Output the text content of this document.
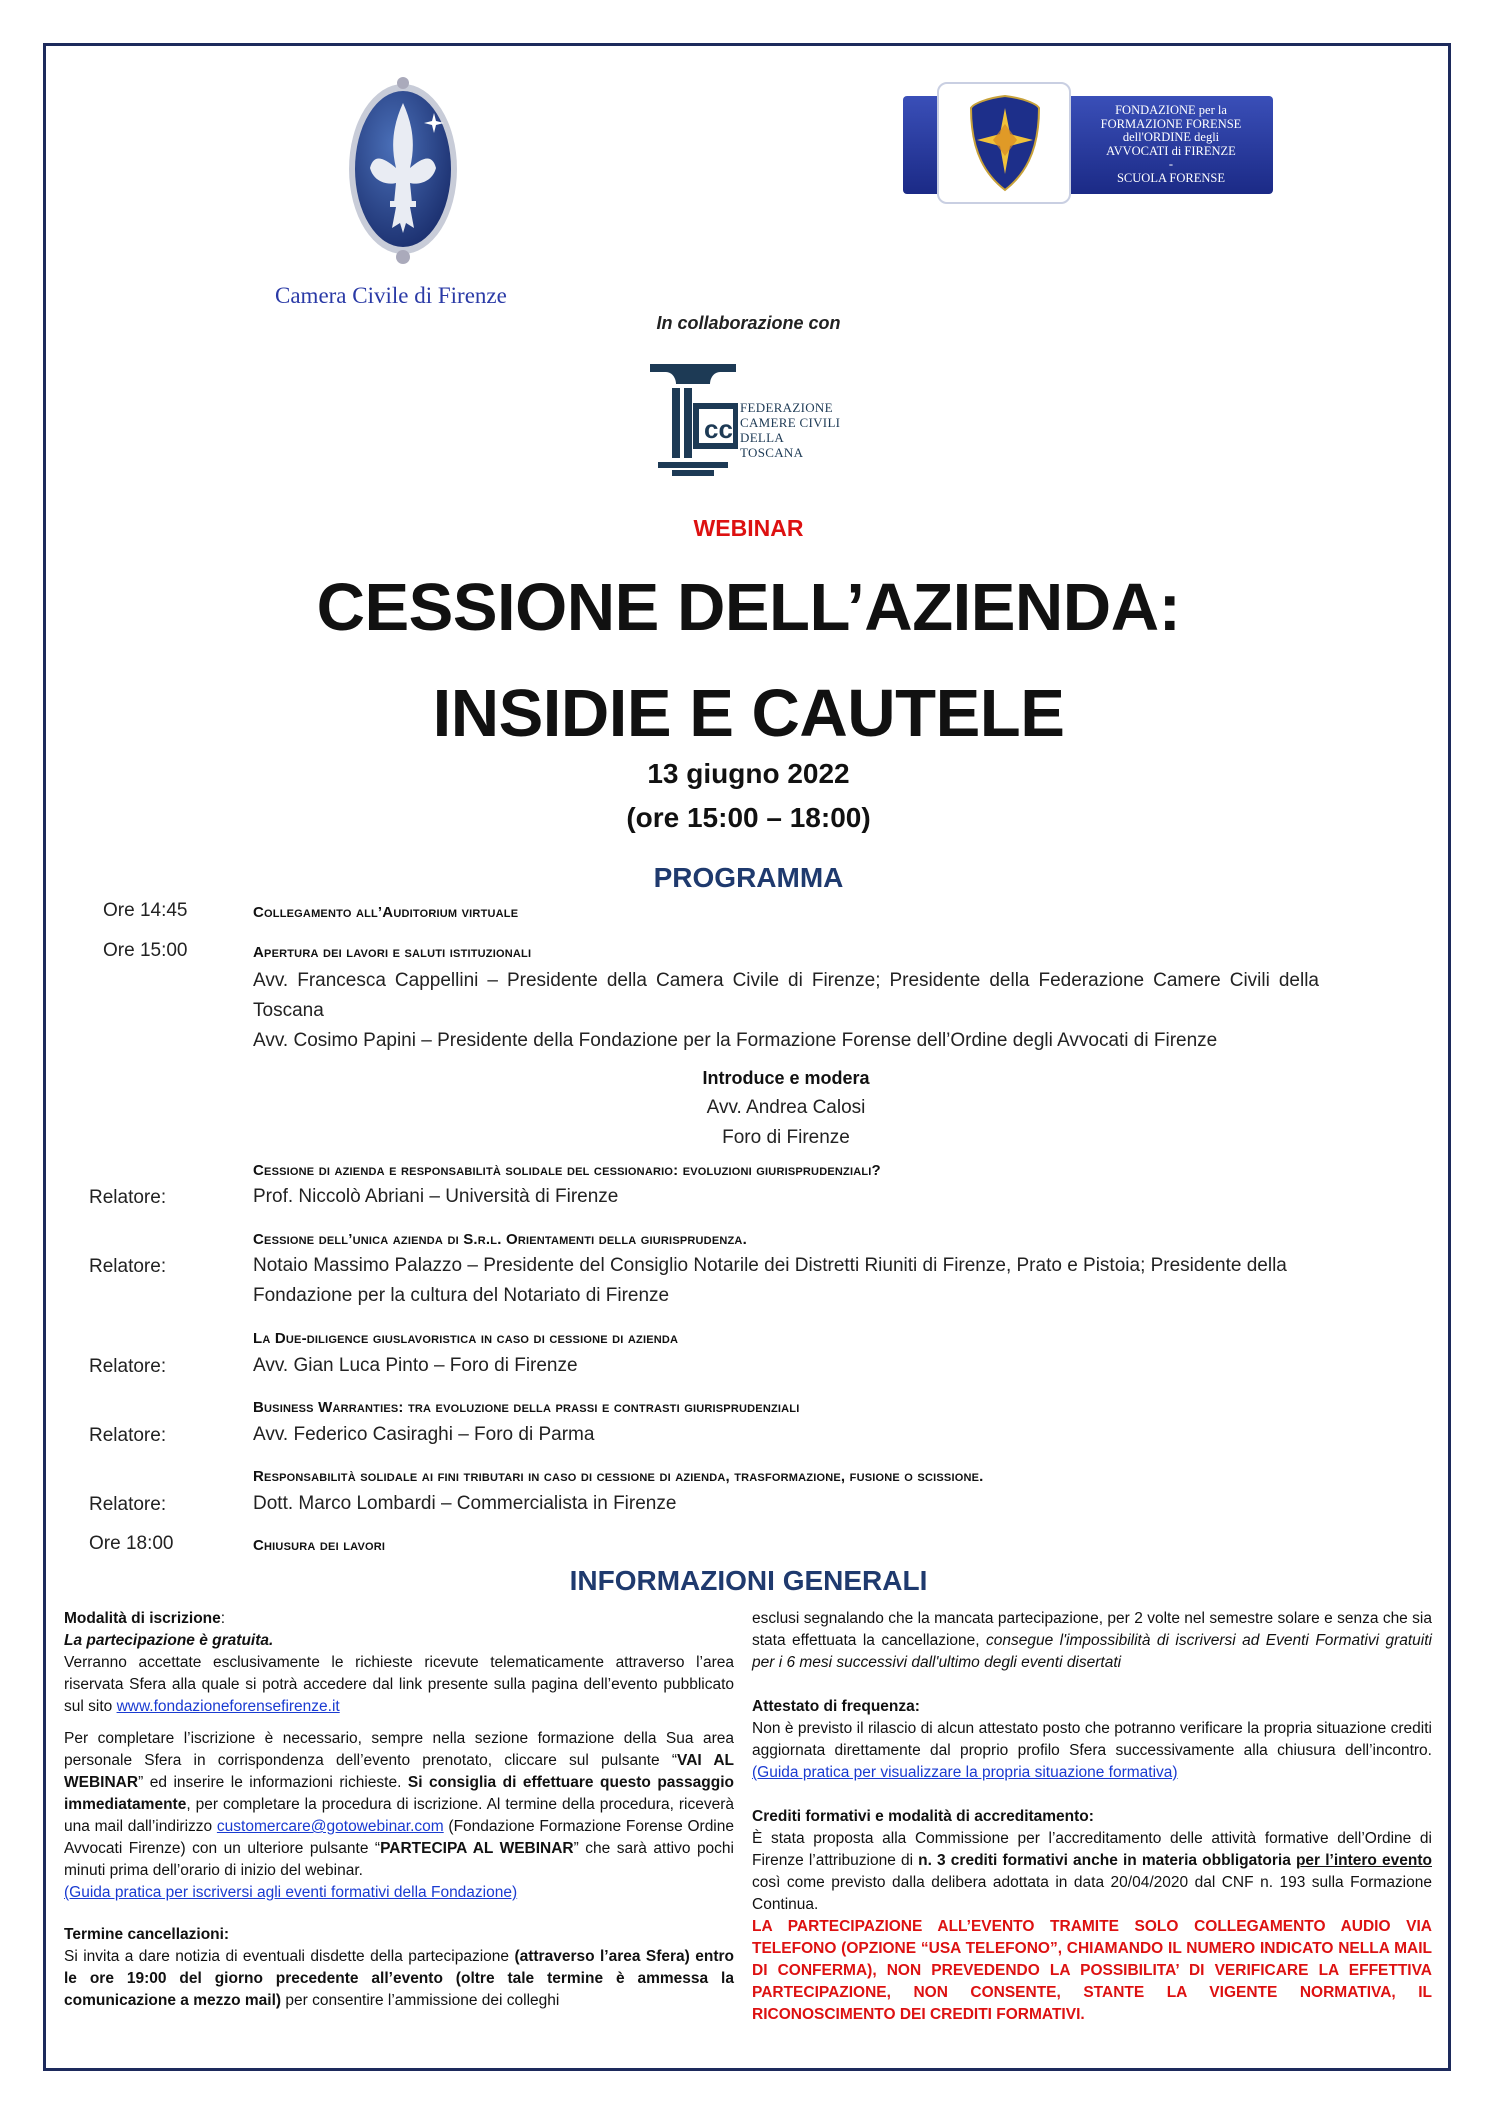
Camera Civile di Firenze
FONDAZIONE per la
FORMAZIONE FORENSE
dell'ORDINE degli
AVVOCATI di FIRENZE
-
SCUOLA FORENSE
In collaborazione con
cc
FEDERAZIONE
CAMERE CIVILI
DELLA TOSCANA
WEBINAR
CESSIONE DELL’AZIENDA:
INSIDIE E CAUTELE
13 giugno 2022
(ore 15:00 – 18:00)
PROGRAMMA
Ore 14:45	Collegamento all’Auditorium virtuale
Ore 15:00	Apertura dei lavori e saluti istituzionali
Avv. Francesca Cappellini – Presidente della Camera Civile di Firenze; Presidente della Federazione Camere Civili della Toscana
Avv. Cosimo Papini – Presidente della Fondazione per la Formazione Forense dell’Ordine degli Avvocati di Firenze
Introduce e modera
Avv. Andrea Calosi
Foro di Firenze
Cessione di azienda e responsabilità solidale del cessionario: evoluzioni giurisprudenziali?
Relatore:	Prof. Niccolò Abriani – Università di Firenze
Cessione dell’unica azienda di S.r.l. Orientamenti della giurisprudenza.
Relatore:	Notaio Massimo Palazzo – Presidente del Consiglio Notarile dei Distretti Riuniti di Firenze, Prato e Pistoia; Presidente della Fondazione per la cultura del Notariato di Firenze
La Due-diligence giuslavoristica in caso di cessione di azienda
Relatore:	Avv. Gian Luca Pinto – Foro di Firenze
Business Warranties: tra evoluzione della prassi e contrasti giurisprudenziali
Relatore:	Avv. Federico Casiraghi – Foro di Parma
Responsabilità solidale ai fini tributari in caso di cessione di azienda, trasformazione, fusione o scissione.
Relatore:	Dott. Marco Lombardi – Commercialista in Firenze
Ore 18:00	Chiusura dei lavori
INFORMAZIONI GENERALI

Modalità di iscrizione:

La partecipazione è gratuita.

Verranno accettate esclusivamente le richieste ricevute telematicamente attraverso l’area riservata Sfera alla quale si potrà accedere dal link presente sulla pagina dell’evento pubblicato sul sito www.fondazioneforensefirenze.it

Per completare l’iscrizione è necessario, sempre nella sezione formazione della Sua area personale Sfera in corrispondenza dell’evento prenotato, cliccare sul pulsante “VAI AL WEBINAR” ed inserire le informazioni richieste. Si consiglia di effettuare questo passaggio immediatamente, per completare la procedura di iscrizione. Al termine della procedura, riceverà una mail dall’indirizzo customercare@gotowebinar.com (Fondazione Formazione Forense Ordine Avvocati Firenze) con un ulteriore pulsante “PARTECIPA AL WEBINAR” che sarà attivo pochi minuti prima dell’orario di inizio del webinar.

(Guida pratica per iscriversi agli eventi formativi della Fondazione)

Termine cancellazioni:

Si invita a dare notizia di eventuali disdette della partecipazione (attraverso l’area Sfera) entro le ore 19:00 del giorno precedente all’evento (oltre tale termine è ammessa la comunicazione a mezzo mail) per consentire l’ammissione dei colleghi

esclusi segnalando che la mancata partecipazione, per 2 volte nel semestre solare e senza che sia stata effettuata la cancellazione, consegue l'impossibilità di iscriversi ad Eventi Formativi gratuiti per i 6 mesi successivi dall'ultimo degli eventi disertati

Attestato di frequenza:

Non è previsto il rilascio di alcun attestato posto che potranno verificare la propria situazione crediti aggiornata direttamente dal proprio profilo Sfera successivamente alla chiusura dell’incontro. (Guida pratica per visualizzare la propria situazione formativa)

Crediti formativi e modalità di accreditamento:

È stata proposta alla Commissione per l’accreditamento delle attività formative dell’Ordine di Firenze l’attribuzione di n. 3 crediti formativi anche in materia obbligatoria per l’intero evento così come previsto dalla delibera adottata in data 20/04/2020 dal CNF n. 193 sulla Formazione Continua.

LA PARTECIPAZIONE ALL’EVENTO TRAMITE SOLO COLLEGAMENTO AUDIO VIA TELEFONO (OPZIONE “USA TELEFONO”, CHIAMANDO IL NUMERO INDICATO NELLA MAIL DI CONFERMA), NON PREVEDENDO LA POSSIBILITA’ DI VERIFICARE LA EFFETTIVA PARTECIPAZIONE, NON CONSENTE, STANTE LA VIGENTE NORMATIVA, IL RICONOSCIMENTO DEI CREDITI FORMATIVI.
